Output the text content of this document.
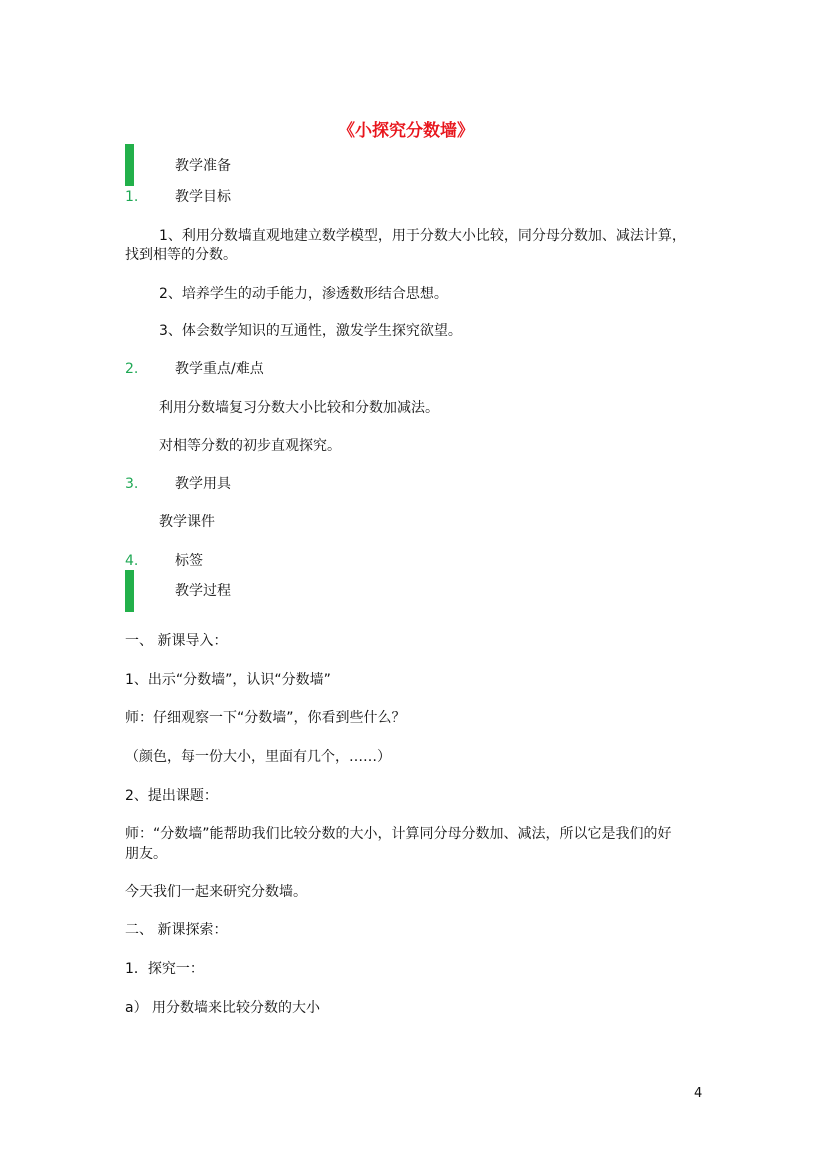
《小探究分数墙》
教学准备
1.	教学目标
1、利用分数墙直观地建立数学模型，用于分数大小比较，同分母分数加、减法计算，
找到相等的分数。
2、培养学生的动手能力，渗透数形结合思想。
3、体会数学知识的互通性，激发学生探究欲望。
2.	教学重点/难点
利用分数墙复习分数大小比较和分数加减法。
对相等分数的初步直观探究。
3.	教学用具
教学课件
4.	标签
教学过程
一、 新课导入：
1、出示“分数墙”，认识“分数墙”
师：仔细观察一下“分数墙”，你看到些什么？
（颜色，每一份大小，里面有几个，……）
2、提出课题：
师：“分数墙”能帮助我们比较分数的大小，计算同分母分数加、减法，所以它是我们的好
朋友。
今天我们一起来研究分数墙。
二、 新课探索：
1．探究一：
a） 用分数墙来比较分数的大小
4
